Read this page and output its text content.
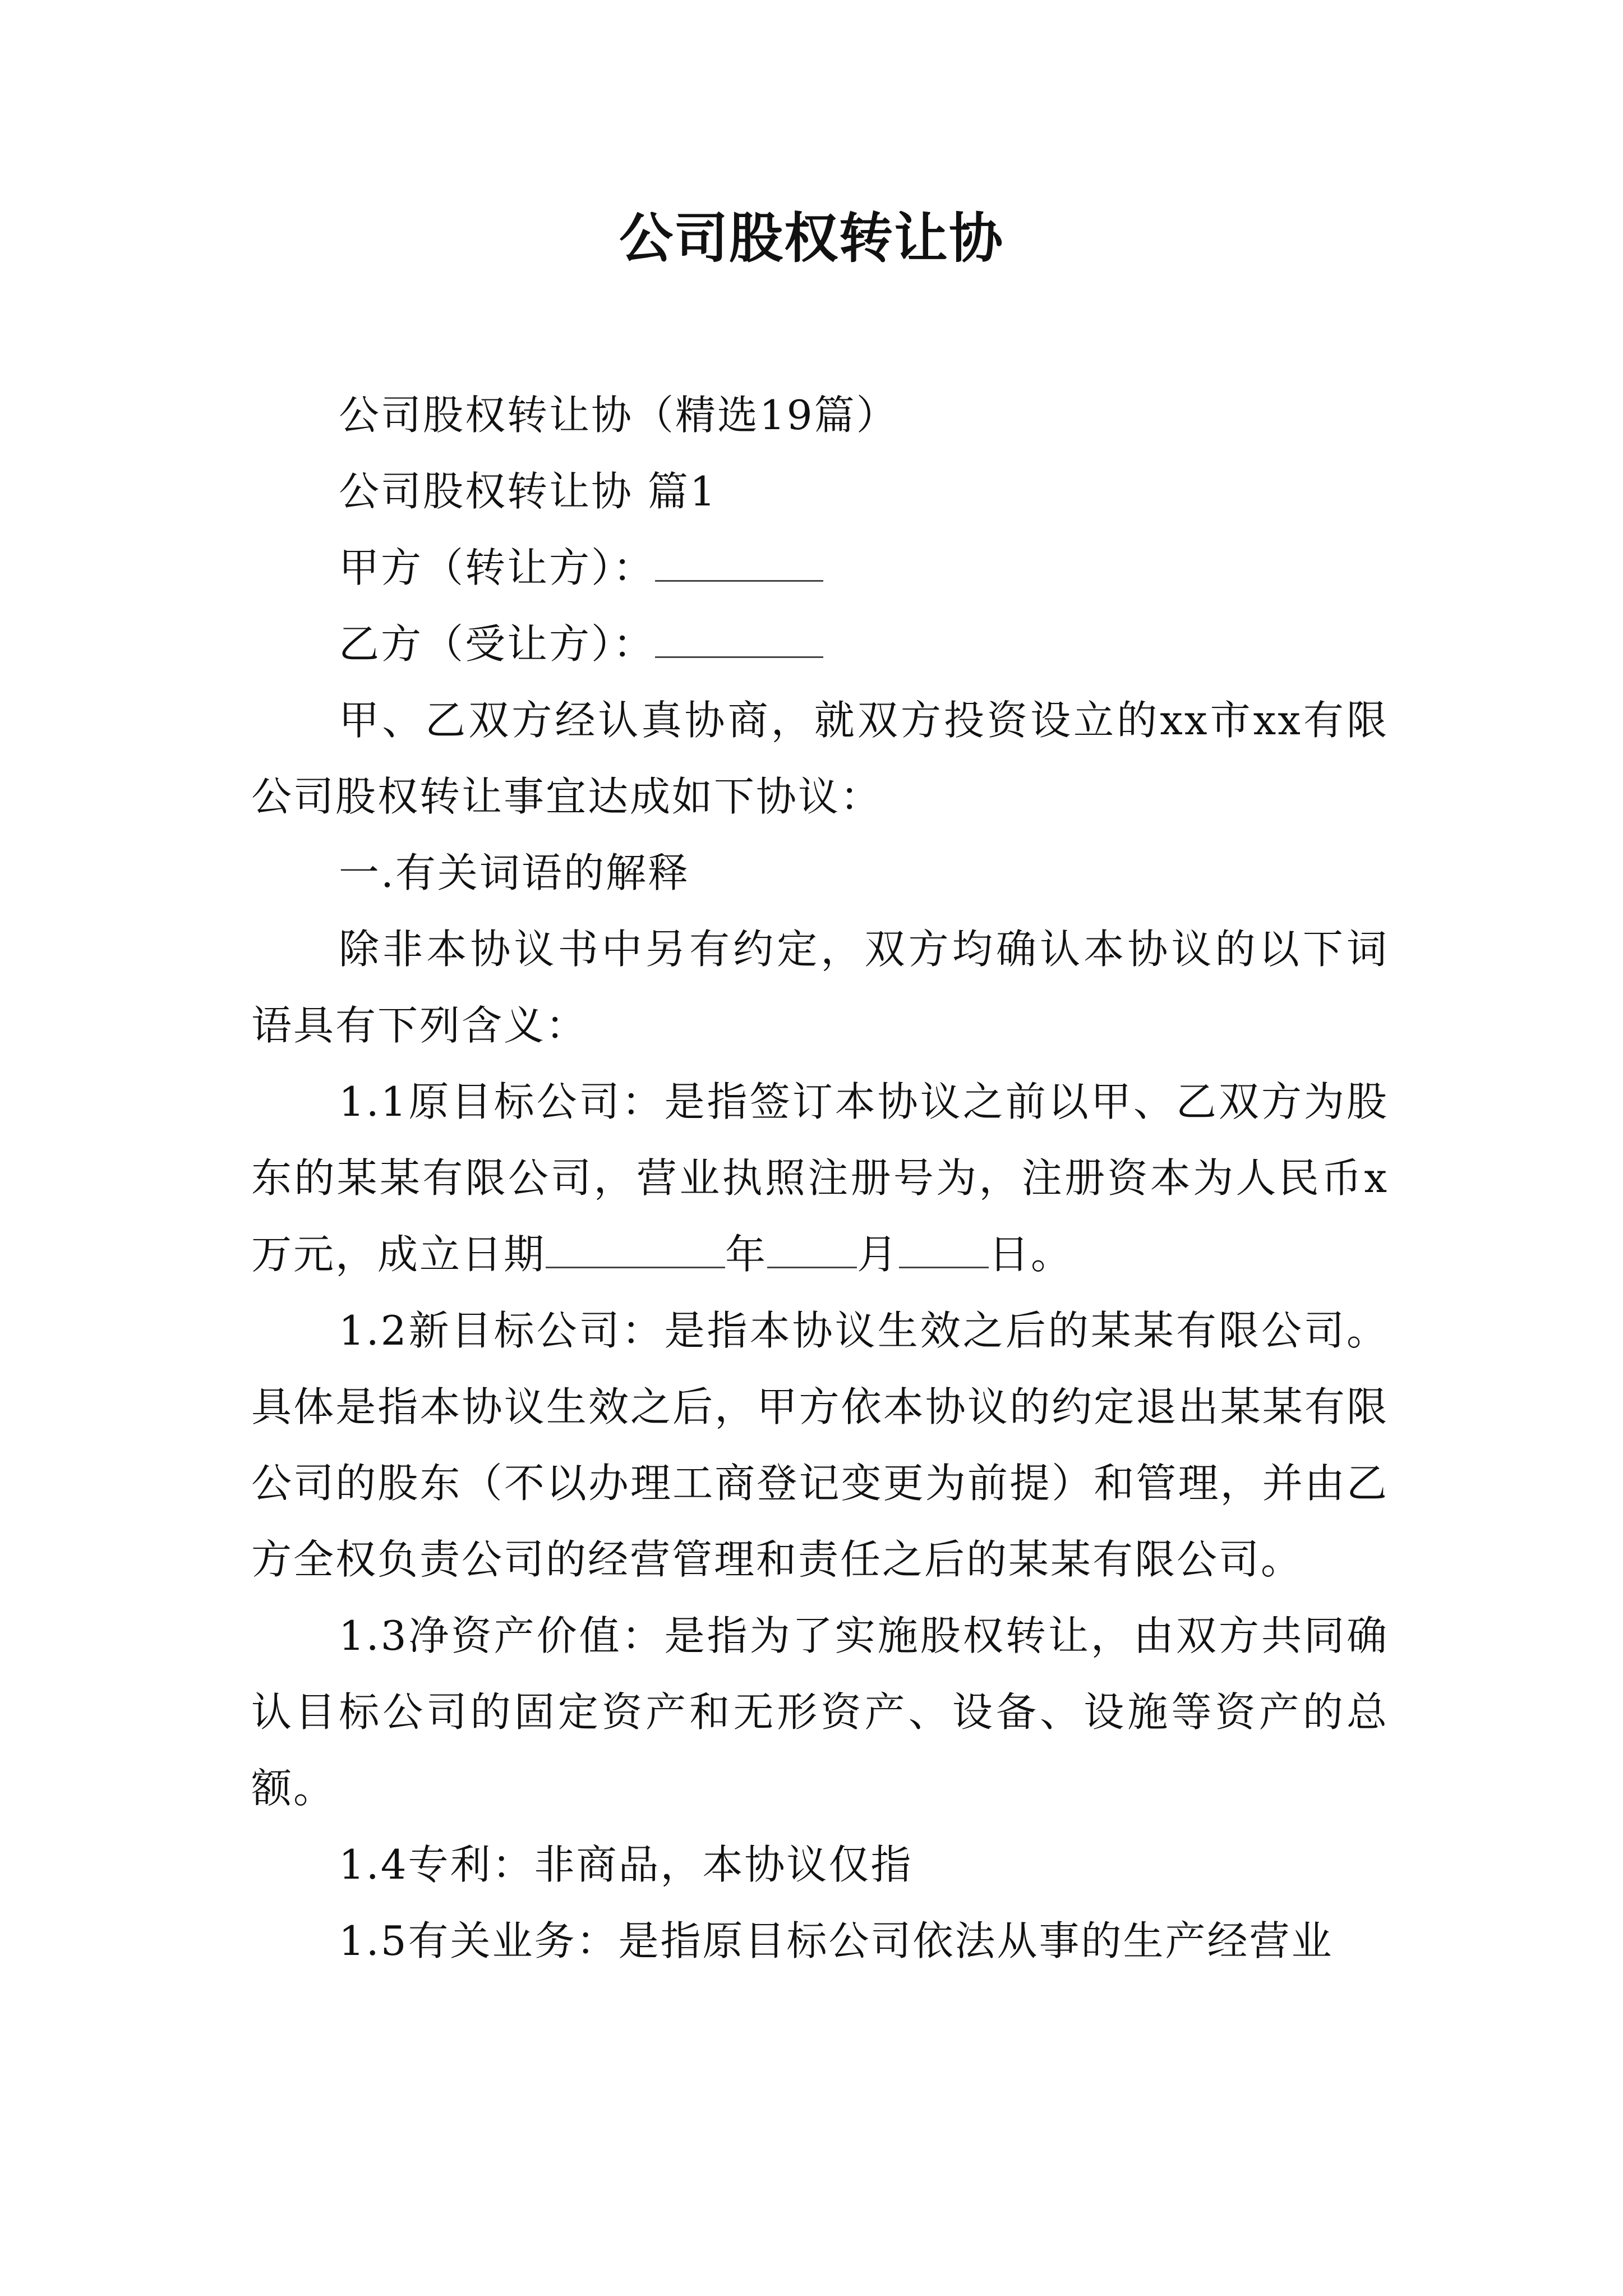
公司股权转让协

公司股权转让协（精选19篇）

公司股权转让协 篇1

甲方（转让方）：

乙方（受让方）：

甲、乙双方经认真协商，就双方投资设立的xx市xx有限公司股权转让事宜达成如下协议：

一.有关词语的解释

除非本协议书中另有约定，双方均确认本协议的以下词语具有下列含义：

1.1原目标公司：是指签订本协议之前以甲、乙双方为股东的某某有限公司，营业执照注册号为，注册资本为人民币x万元，成立日期	年 月 日。

1.2新目标公司：是指本协议生效之后的某某有限公司。具体是指本协议生效之后，甲方依本协议的约定退出某某有限公司的股东（不以办理工商登记变更为前提）和管理，并由乙方全权负责公司的经营管理和责任之后的某某有限公司。

1.3净资产价值：是指为了实施股权转让，由双方共同确认目标公司的固定资产和无形资产、设备、设施等资产的总额。

1.4专利：非商品，本协议仅指

1.5有关业务：是指原目标公司依法从事的生产经营业
